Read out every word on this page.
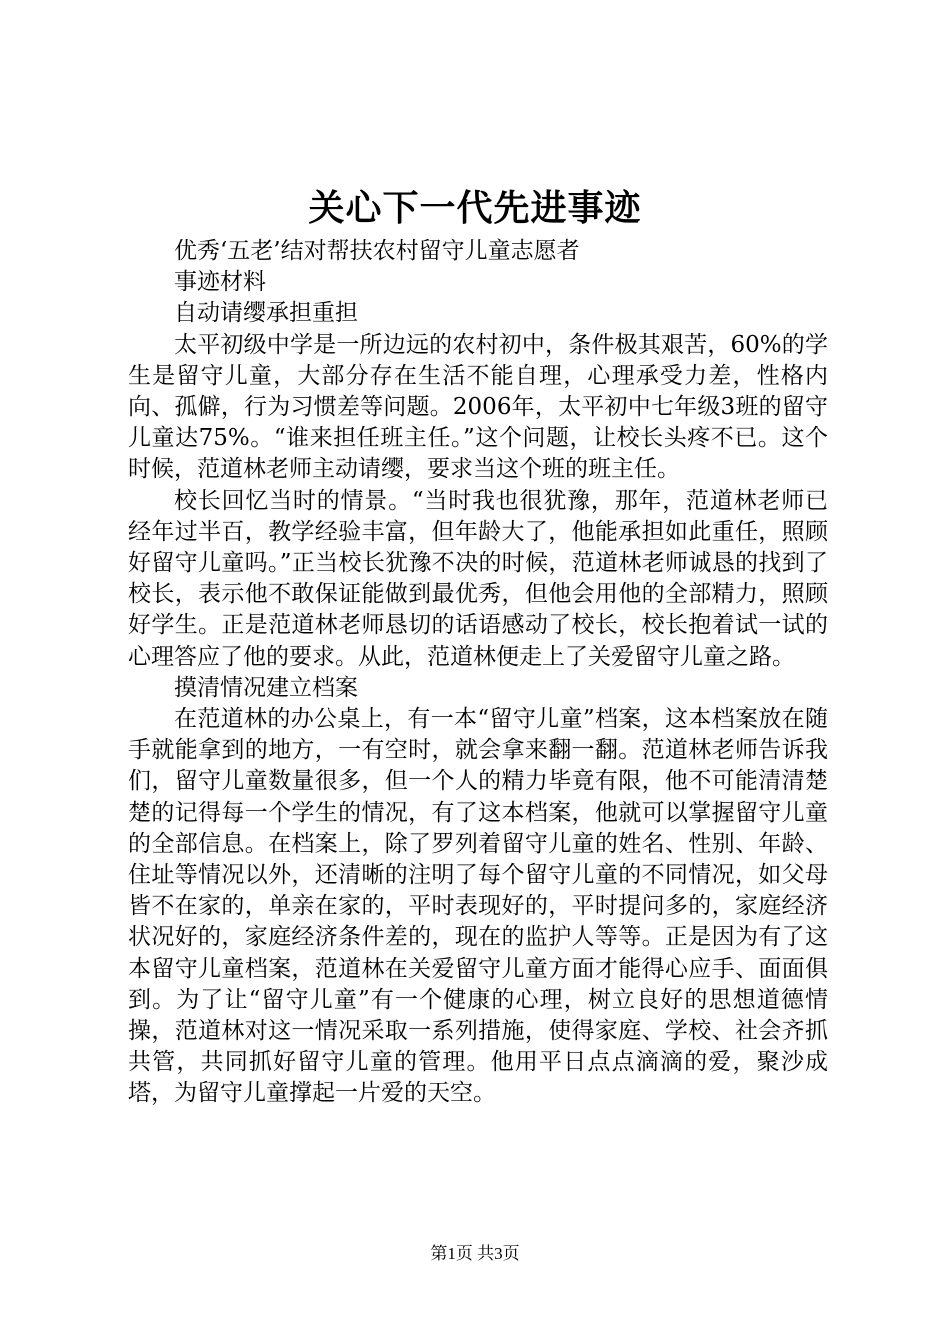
关心下一代先进事迹

优秀‘五老’结对帮扶农村留守儿童志愿者

事迹材料

自动请缨承担重担

太平初级中学是一所边远的农村初中，条件极其艰苦，60%的学生是留守儿童，大部分存在生活不能自理，心理承受力差，性格内向、孤僻，行为习惯差等问题。2006年，太平初中七年级3班的留守儿童达75%。“谁来担任班主任。”这个问题，让校长头疼不已。这个时候，范道林老师主动请缨，要求当这个班的班主任。

校长回忆当时的情景。“当时我也很犹豫，那年，范道林老师已经年过半百，教学经验丰富，但年龄大了，他能承担如此重任，照顾好留守儿童吗。”正当校长犹豫不决的时候，范道林老师诚恳的找到了校长，表示他不敢保证能做到最优秀，但他会用他的全部精力，照顾好学生。正是范道林老师恳切的话语感动了校长，校长抱着试一试的心理答应了他的要求。从此，范道林便走上了关爱留守儿童之路。

摸清情况建立档案

在范道林的办公桌上，有一本“留守儿童”档案，这本档案放在随手就能拿到的地方，一有空时，就会拿来翻一翻。范道林老师告诉我们，留守儿童数量很多，但一个人的精力毕竟有限，他不可能清清楚楚的记得每一个学生的情况，有了这本档案，他就可以掌握留守儿童的全部信息。在档案上，除了罗列着留守儿童的姓名、性别、年龄、住址等情况以外，还清晰的注明了每个留守儿童的不同情况，如父母皆不在家的，单亲在家的，平时表现好的，平时提问多的，家庭经济状况好的，家庭经济条件差的，现在的监护人等等。正是因为有了这本留守儿童档案，范道林在关爱留守儿童方面才能得心应手、面面俱到。为了让“留守儿童”有一个健康的心理，树立良好的思想道德情操，范道林对这一情况采取一系列措施，使得家庭、学校、社会齐抓共管，共同抓好留守儿童的管理。他用平日点点滴滴的爱，聚沙成塔，为留守儿童撑起一片爱的天空。

第1页 共3页
